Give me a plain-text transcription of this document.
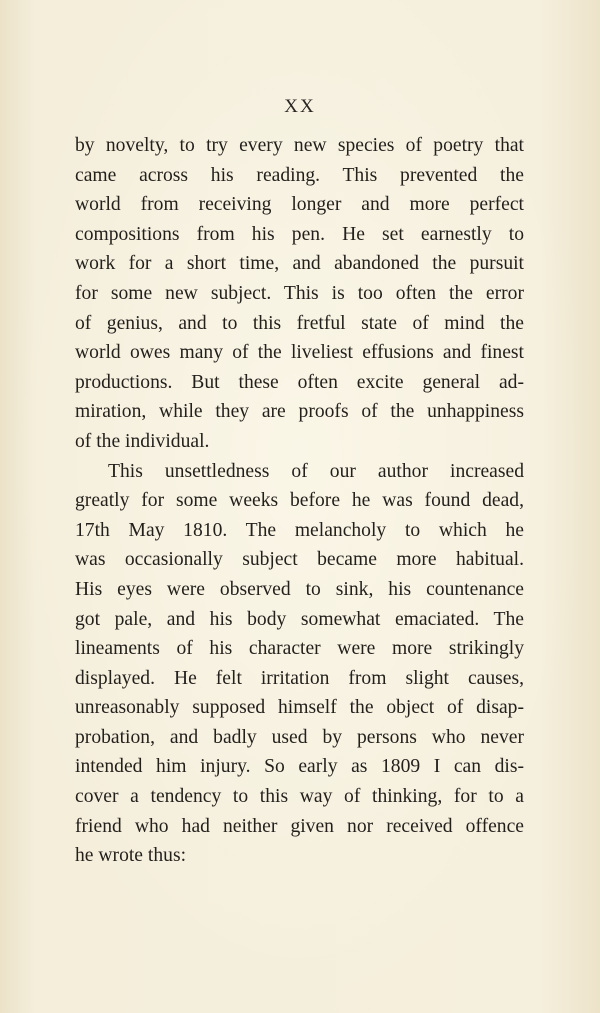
XX
by novelty, to try every new species of poetry that
came across his reading. This prevented the
world from receiving longer and more perfect
compositions from his pen. He set earnestly to
work for a short time, and abandoned the pursuit
for some new subject. This is too often the error
of genius, and to this fretful state of mind the
world owes many of the liveliest effusions and finest
productions. But these often excite general ad-
miration, while they are proofs of the unhappiness
of the individual.
This unsettledness of our author increased
greatly for some weeks before he was found dead,
17th May 1810. The melancholy to which he
was occasionally subject became more habitual.
His eyes were observed to sink, his countenance
got pale, and his body somewhat emaciated. The
lineaments of his character were more strikingly
displayed. He felt irritation from slight causes,
unreasonably supposed himself the object of disap-
probation, and badly used by persons who never
intended him injury. So early as 1809 I can dis-
cover a tendency to this way of thinking, for to a
friend who had neither given nor received offence
he wrote thus:
